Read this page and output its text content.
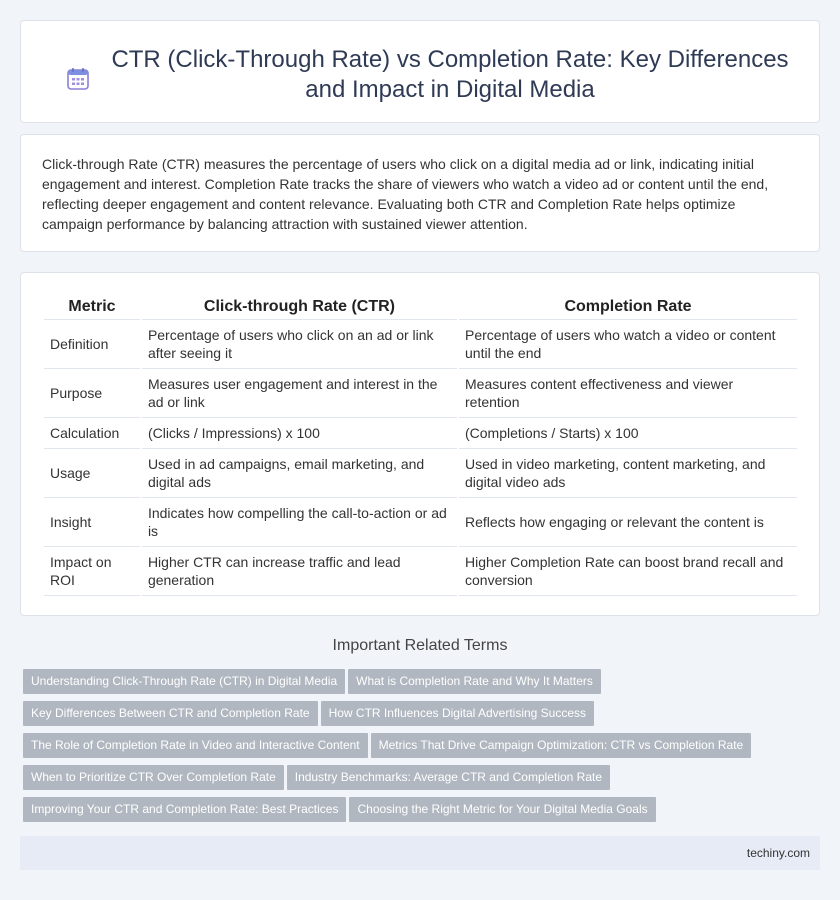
CTR (Click-Through Rate) vs Completion Rate: Key Differences and Impact in Digital Media

Click-through Rate (CTR) measures the percentage of users who click on a digital media ad or link, indicating initial engagement and interest. Completion Rate tracks the share of viewers who watch a video ad or content until the end, reflecting deeper engagement and content relevance. Evaluating both CTR and Completion Rate helps optimize campaign performance by balancing attraction with sustained viewer attention.

Metric	Click-through Rate (CTR)	Completion Rate
Definition	Percentage of users who click on an ad or link after seeing it	Percentage of users who watch a video or content until the end
Purpose	Measures user engagement and interest in the ad or link	Measures content effectiveness and viewer retention
Calculation	(Clicks / Impressions) x 100	(Completions / Starts) x 100
Usage	Used in ad campaigns, email marketing, and digital ads	Used in video marketing, content marketing, and digital video ads
Insight	Indicates how compelling the call-to-action or ad is	Reflects how engaging or relevant the content is
Impact on ROI	Higher CTR can increase traffic and lead generation	Higher Completion Rate can boost brand recall and conversion
Important Related Terms
Understanding Click-Through Rate (CTR) in Digital Media What is Completion Rate and Why It Matters
Key Differences Between CTR and Completion Rate How CTR Influences Digital Advertising Success
The Role of Completion Rate in Video and Interactive Content Metrics That Drive Campaign Optimization: CTR vs Completion Rate
When to Prioritize CTR Over Completion Rate Industry Benchmarks: Average CTR and Completion Rate
Improving Your CTR and Completion Rate: Best Practices Choosing the Right Metric for Your Digital Media Goals
techiny.com
